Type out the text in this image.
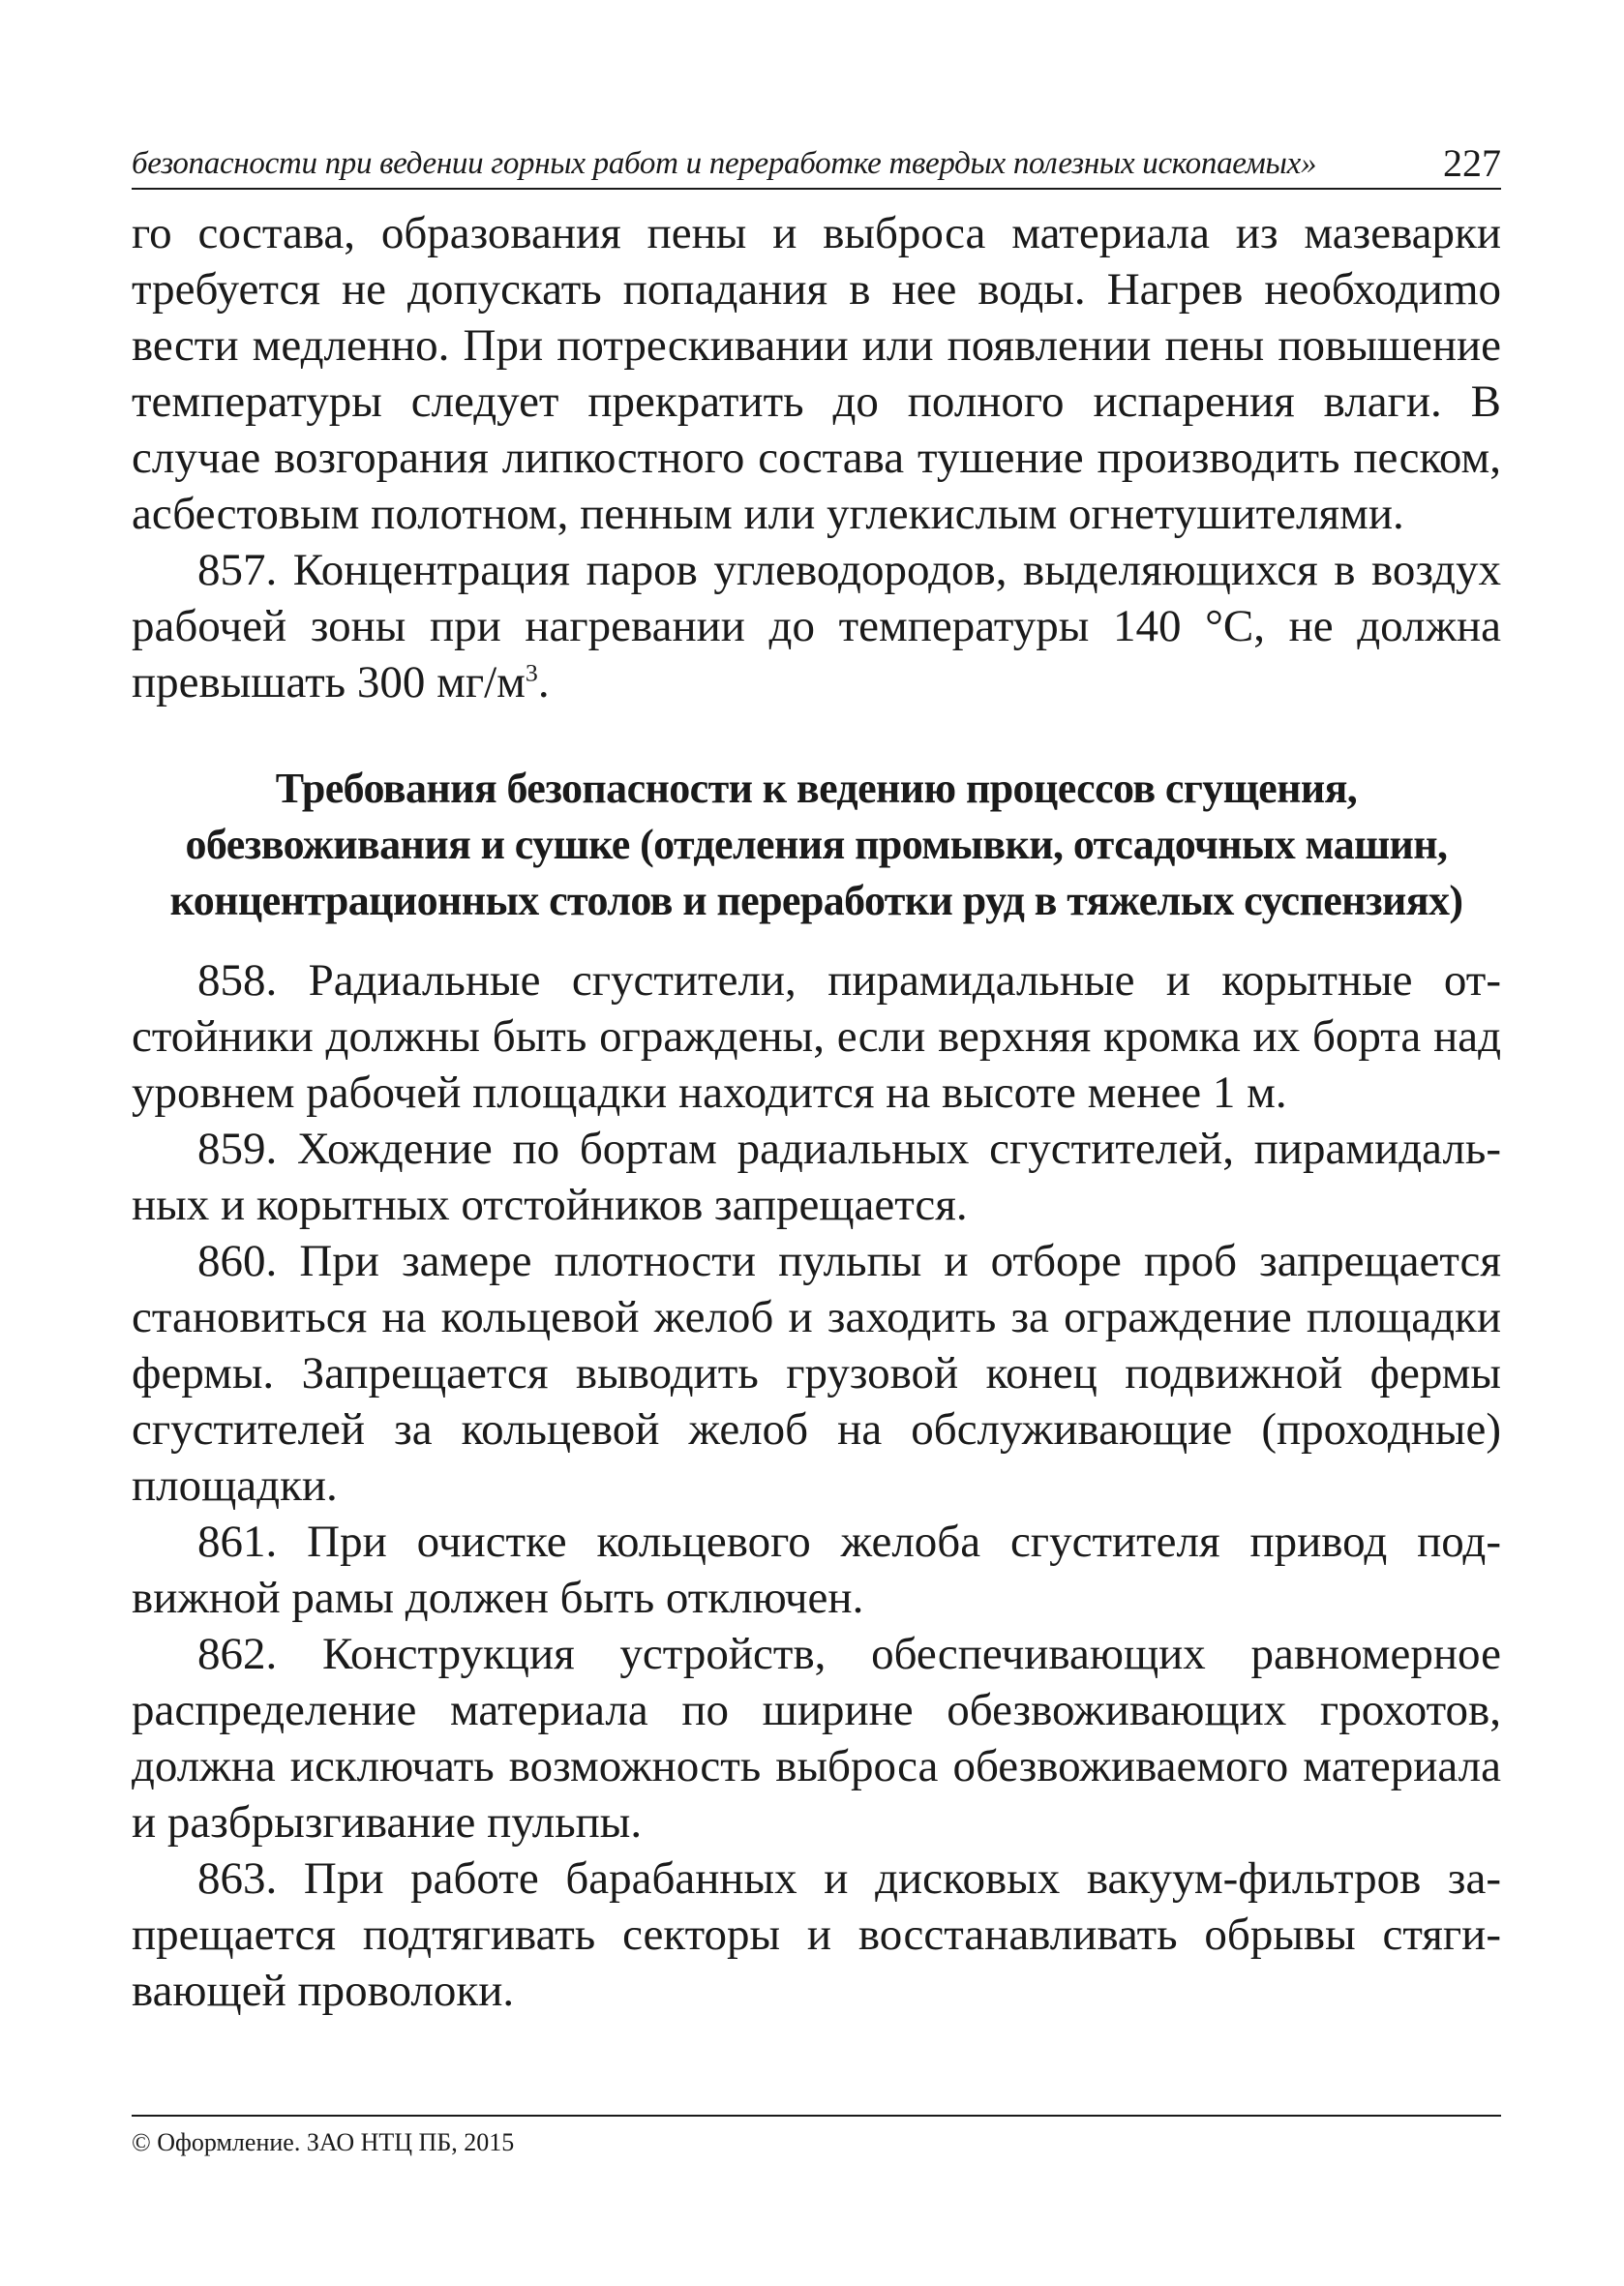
безопасности при ведении горных работ и переработке твердых полезных ископаемых»	227

го состава, образования пены и выброса материала из мазеварки требуется не допускать попадания в нее воды. Нагрев необходиmо вести медленно. При потрескивании или появлении пены повышение температуры следует прекратить до полного испарения влаги. В случае возгорания липкостного состава тушение производить песком, асбестовым полотном, пенным или углекислым огнетушителями.

857. Концентрация паров углеводородов, выделяющихся в воздух рабочей зоны при нагревании до температуры 140 °С, не должна превышать 300 $мг/м^3$.

Требования безопасности к ведению процессов сгущения, обезвоживания и сушке (отделения промывки, отсадочных машин, концентрационных столов и переработки руд в тяжелых суспензиях)

858. Радиальные сгустители, пирамидальные и корытные отстойники должны быть ограждены, если верхняя кромка их борта над уровнем рабочей площадки находится на высоте менее 1 м.

859. Хождение по бортам радиальных сгустителей, пирамидальных и корытных отстойников запрещается.

860. При замере плотности пульпы и отборе проб запрещается становиться на кольцевой желоб и заходить за ограждение площадки фермы. Запрещается выводить грузовой конец подвижной фермы сгустителей за кольцевой желоб на обслуживающие (проходные) площадки.

861. При очистке кольцевого желоба сгустителя привод подвижной рамы должен быть отключен.

862. Конструкция устройств, обеспечивающих равномерное распределение материала по ширине обезвоживающих грохотов, должна исключать возможность выброса обезвоживаемого материала и разбрызгивание пульпы.

863. При работе барабанных и дисковых вакуум-фильтров запрещается подтягивать секторы и восстанавливать обрывы стягивающей проволоки.

© Оформление. ЗАО НТЦ ПБ, 2015
